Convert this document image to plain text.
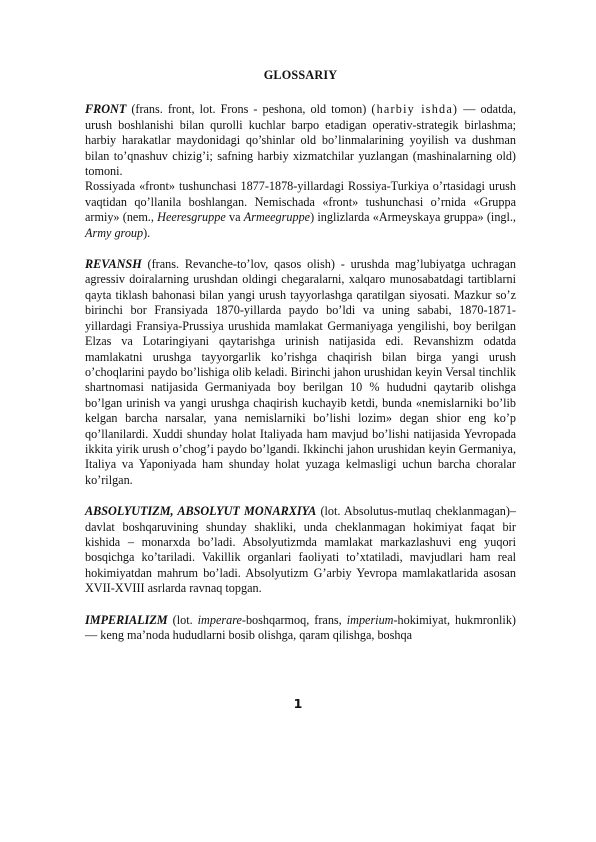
GLOSSARIY

FRONT (frans. front, lot. Frons - peshona, old tomon) (harbiy ishda) — odatda, urush boshlanishi bilan qurolli kuchlar barpo etadigan operativ-strategik birlashma; harbiy harakatlar maydonidagi qo’shinlar old bo’linmalarining yoyilish va dushman bilan to’qnashuv chizig’i; safning harbiy xizmatchilar yuzlangan (mashinalarning old) tomoni.

Rossiyada «front» tushunchasi 1877-1878-yillardagi Rossiya-Turkiya o’rtasidagi urush vaqtidan qo’llanila boshlangan. Nemischada «front» tushunchasi o’rnida «Gruppa armiy» (nem., Heeresgruppe va Armeegruppe) inglizlarda «Armeyskaya gruppa» (ingl., Army group).

REVANSH (frans. Revanche-to’lov, qasos olish) - urushda mag’lubiyatga uchragan agressiv doiralarning urushdan oldingi chegaralarni, xalqaro munosabatdagi tartiblarni qayta tiklash bahonasi bilan yangi urush tayyorlashga qaratilgan siyosati. Mazkur so’z birinchi bor Fransiyada 1870-yillarda paydo bo’ldi va uning sababi, 1870-1871-yillardagi Fransiya-Prussiya urushida mamlakat Germaniyaga yengilishi, boy berilgan Elzas va Lotaringiyani qaytarishga urinish natijasida edi. Revanshizm odatda mamlakatni urushga tayyorgarlik ko’rishga chaqirish bilan birga yangi urush o’choqlarini paydo bo’lishiga olib keladi. Birinchi jahon urushidan keyin Versal tinchlik shartnomasi natijasida Germaniyada boy berilgan 10 % hududni qaytarib olishga bo’lgan urinish va yangi urushga chaqirish kuchayib ketdi, bunda «nemislarniki bo’lib kelgan barcha narsalar, yana nemislarniki bo’lishi lozim» degan shior eng ko’p qo’llanilardi. Xuddi shunday holat Italiyada ham mavjud bo’lishi natijasida Yevropada ikkita yirik urush o’chog’i paydo bo’lgandi. Ikkinchi jahon urushidan keyin Germaniya, Italiya va Yaponiyada ham shunday holat yuzaga kelmasligi uchun barcha choralar ko’rilgan.

ABSOLYUTIZM, ABSOLYUT MONARXIYA (lot. Absolutus-mutlaq cheklanmagan)–davlat boshqaruvining shunday shakliki, unda cheklanmagan hokimiyat faqat bir kishida – monarxda bo’ladi. Absolyutizmda mamlakat markazlashuvi eng yuqori bosqichga ko’tariladi. Vakillik organlari faoliyati to’xtatiladi, mavjudlari ham real hokimiyatdan mahrum bo’ladi. Absolyutizm G’arbiy Yevropa mamlakatlarida asosan XVII-XVIII asrlarda ravnaq topgan.

IMPERIALIZM (lot. imperare-boshqarmoq, frans, imperium-hokimiyat, hukmronlik) — keng ma’noda hududlarni bosib olishga, qaram qilishga, boshqa

1
